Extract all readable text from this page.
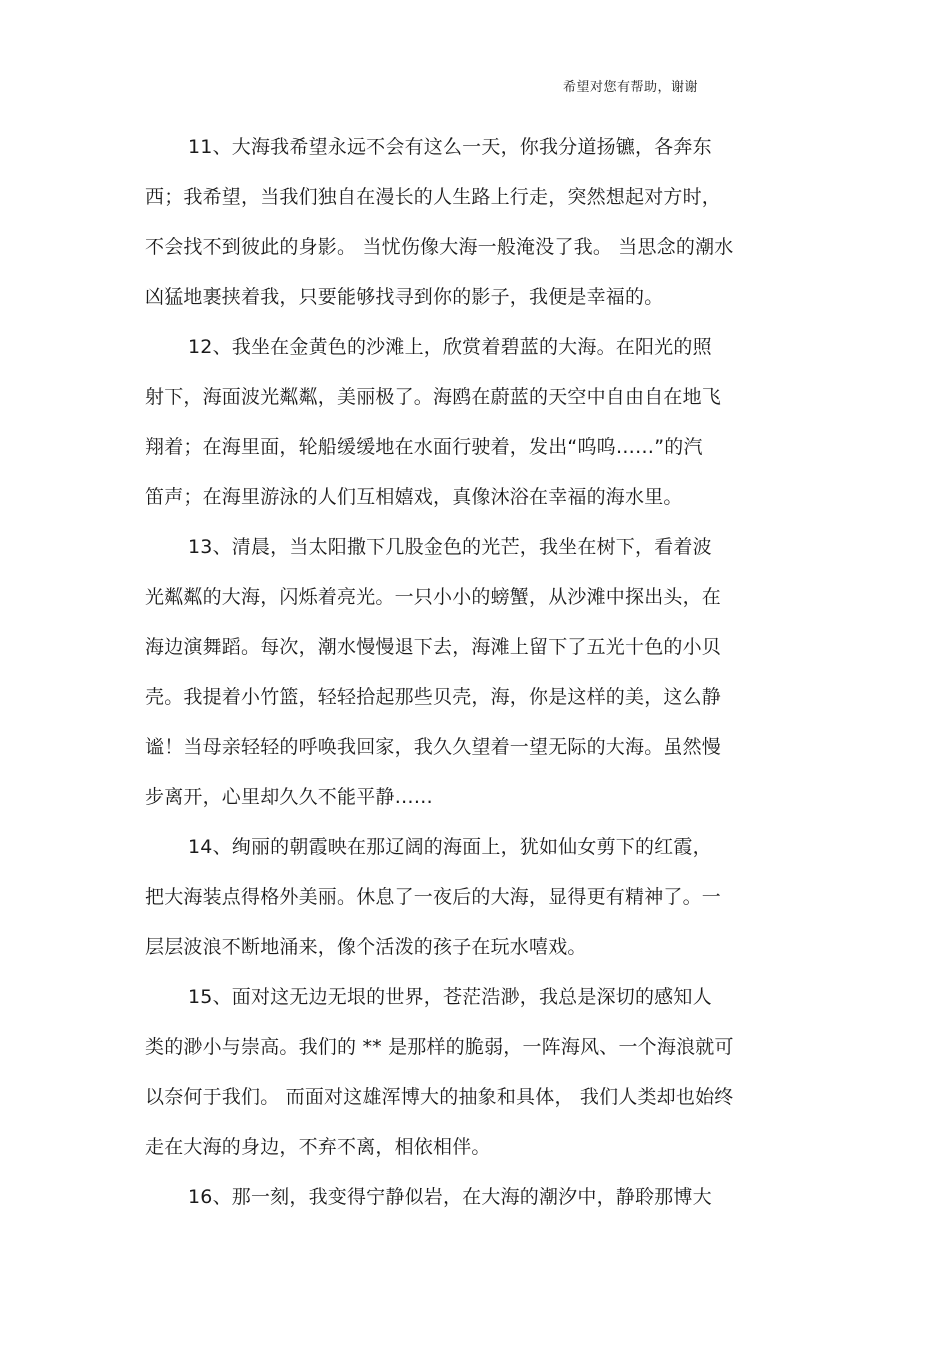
希望对您有帮助，谢谢
11、大海我希望永远不会有这么一天，你我分道扬镳，各奔东
西；我希望，当我们独自在漫长的人生路上行走，突然想起对方时，
不会找不到彼此的身影。 当忧伤像大海一般淹没了我。 当思念的潮水
凶猛地裹挟着我，只要能够找寻到你的影子，我便是幸福的。
12、我坐在金黄色的沙滩上，欣赏着碧蓝的大海。在阳光的照
射下，海面波光粼粼，美丽极了。海鸥在蔚蓝的天空中自由自在地飞
翔着；在海里面，轮船缓缓地在水面行驶着，发出“呜呜……”的汽
笛声；在海里游泳的人们互相嬉戏，真像沐浴在幸福的海水里。
13、清晨，当太阳撒下几股金色的光芒，我坐在树下，看着波
光粼粼的大海，闪烁着亮光。一只小小的螃蟹，从沙滩中探出头，在
海边演舞蹈。每次，潮水慢慢退下去，海滩上留下了五光十色的小贝
壳。我提着小竹篮，轻轻拾起那些贝壳，海，你是这样的美，这么静
谧！当母亲轻轻的呼唤我回家，我久久望着一望无际的大海。虽然慢
步离开，心里却久久不能平静……
14、绚丽的朝霞映在那辽阔的海面上，犹如仙女剪下的红霞，
把大海装点得格外美丽。休息了一夜后的大海，显得更有精神了。一
层层波浪不断地涌来，像个活泼的孩子在玩水嘻戏。
15、面对这无边无垠的世界，苍茫浩渺，我总是深切的感知人
类的渺小与崇高。我们的 ** 是那样的脆弱，一阵海风、一个海浪就可
以奈何于我们。 而面对这雄浑博大的抽象和具体， 我们人类却也始终
走在大海的身边，不弃不离，相依相伴。
16、那一刻，我变得宁静似岩，在大海的潮汐中，静聆那博大
